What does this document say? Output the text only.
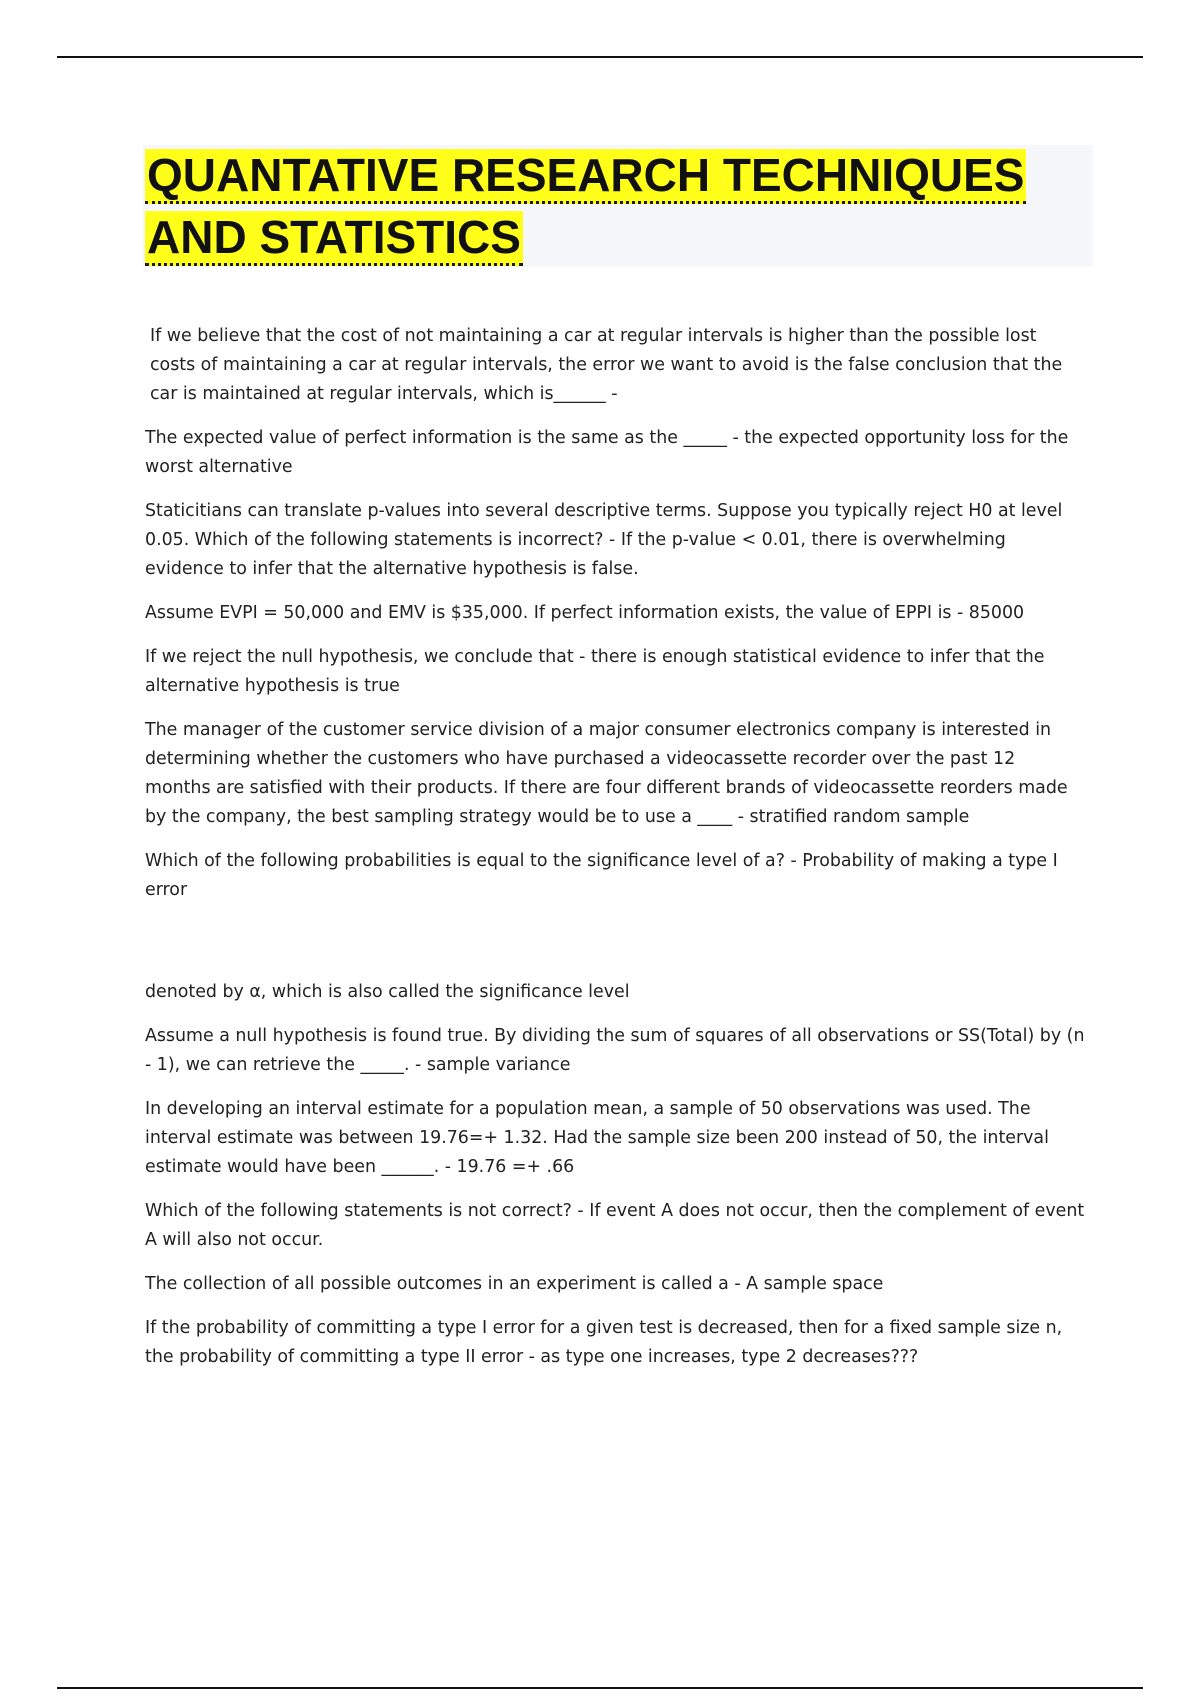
QUANTATIVE RESEARCH TECHNIQUES
AND STATISTICS
If we believe that the cost of not maintaining a car at regular intervals is higher than the possible lost costs of maintaining a car at regular intervals, the error we want to avoid is the false conclusion that the car is maintained at regular intervals, which is______ -
The expected value of perfect information is the same as the _____ - the expected opportunity loss for the worst alternative
Staticitians can translate p-values into several descriptive terms. Suppose you typically reject H0 at level 0.05. Which of the following statements is incorrect? - If the p-value < 0.01, there is overwhelming evidence to infer that the alternative hypothesis is false.
Assume EVPI = 50,000 and EMV is $35,000. If perfect information exists, the value of EPPI is - 85000
If we reject the null hypothesis, we conclude that - there is enough statistical evidence to infer that the alternative hypothesis is true
The manager of the customer service division of a major consumer electronics company is interested in determining whether the customers who have purchased a videocassette recorder over the past 12 months are satisfied with their products. If there are four different brands of videocassette reorders made by the company, the best sampling strategy would be to use a ____ - stratified random sample
Which of the following probabilities is equal to the significance level of a? - Probability of making a type I error
denoted by α, which is also called the significance level
Assume a null hypothesis is found true. By dividing the sum of squares of all observations or SS(Total) by (n - 1), we can retrieve the _____. - sample variance
In developing an interval estimate for a population mean, a sample of 50 observations was used. The interval estimate was between 19.76=+ 1.32. Had the sample size been 200 instead of 50, the interval estimate would have been ______. - 19.76 =+ .66
Which of the following statements is not correct? - If event A does not occur, then the complement of event A will also not occur.
The collection of all possible outcomes in an experiment is called a - A sample space
If the probability of committing a type I error for a given test is decreased, then for a fixed sample size n, the probability of committing a type II error - as type one increases, type 2 decreases???
